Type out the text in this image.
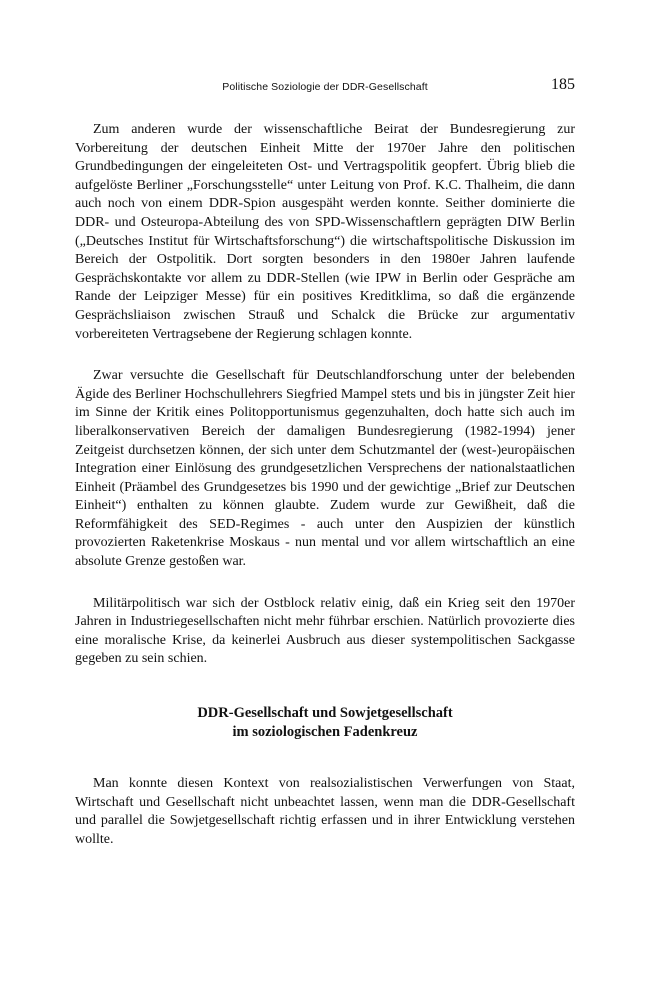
Politische Soziologie der DDR-Gesellschaft	185

Zum anderen wurde der wissenschaftliche Beirat der Bundesregierung zur Vorbereitung der deutschen Einheit Mitte der 1970er Jahre den politischen Grundbedingungen der eingeleiteten Ost- und Vertragspolitik geopfert. Übrig blieb die aufgelöste Berliner „Forschungsstelle“ unter Leitung von Prof. K.C. Thalheim, die dann auch noch von einem DDR-Spion ausgespäht werden konnte. Seither dominierte die DDR- und Osteuropa-Abteilung des von SPD-Wissenschaftlern geprägten DIW Berlin („Deutsches Institut für Wirtschaftsforschung“) die wirtschaftspolitische Diskussion im Bereich der Ostpolitik. Dort sorgten besonders in den 1980er Jahren laufende Gesprächskontakte vor allem zu DDR-Stellen (wie IPW in Berlin oder Gespräche am Rande der Leipziger Messe) für ein positives Kreditklima, so daß die ergänzende Gesprächsliaison zwischen Strauß und Schalck die Brücke zur argumentativ vorbereiteten Vertragsebene der Regierung schlagen konnte.

Zwar versuchte die Gesellschaft für Deutschlandforschung unter der belebenden Ägide des Berliner Hochschullehrers Siegfried Mampel stets und bis in jüngster Zeit hier im Sinne der Kritik eines Politopportunismus gegenzuhalten, doch hatte sich auch im liberalkonservativen Bereich der damaligen Bundesregierung (1982-1994) jener Zeitgeist durchsetzen können, der sich unter dem Schutzmantel der (west-)europäischen Integration einer Einlösung des grundgesetzlichen Versprechens der nationalstaatlichen Einheit (Präambel des Grundgesetzes bis 1990 und der gewichtige „Brief zur Deutschen Einheit“) enthalten zu können glaubte. Zudem wurde zur Gewißheit, daß die Reformfähigkeit des SED-Regimes - auch unter den Auspizien der künstlich provozierten Raketenkrise Moskaus - nun mental und vor allem wirtschaftlich an eine absolute Grenze gestoßen war.

Militärpolitisch war sich der Ostblock relativ einig, daß ein Krieg seit den 1970er Jahren in Industriegesellschaften nicht mehr führbar erschien. Natürlich provozierte dies eine moralische Krise, da keinerlei Ausbruch aus dieser systempolitischen Sackgasse gegeben zu sein schien.

DDR-Gesellschaft und Sowjetgesellschaft
im soziologischen Fadenkreuz

Man konnte diesen Kontext von realsozialistischen Verwerfungen von Staat, Wirtschaft und Gesellschaft nicht unbeachtet lassen, wenn man die DDR-Gesellschaft und parallel die Sowjetgesellschaft richtig erfassen und in ihrer Entwicklung verstehen wollte.
